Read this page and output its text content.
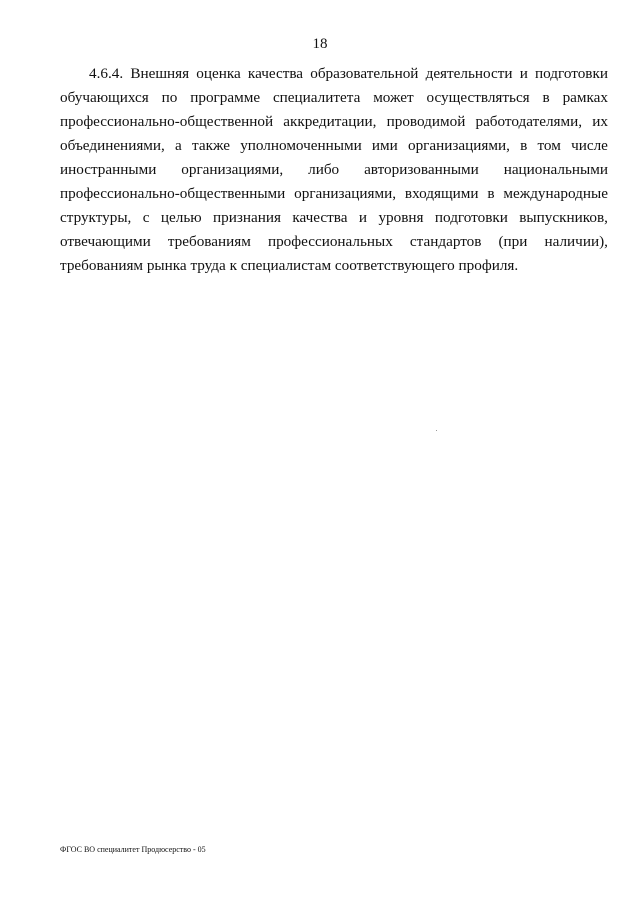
18
4.6.4. Внешняя оценка качества образовательной деятельности и подготовки
обучающихся по программе специалитета может осуществляться в рамках
профессионально-общественной аккредитации, проводимой работодателями, их
объединениями, а также уполномоченными ими организациями, в том числе
иностранными организациями, либо авторизованными национальными
профессионально-общественными организациями, входящими в международные
структуры, с целью признания качества и уровня подготовки выпускников,
отвечающими требованиям профессиональных стандартов (при наличии),
требованиям рынка труда к специалистам соответствующего профиля.
ФГОС ВО специалитет Продюсерство - 05
